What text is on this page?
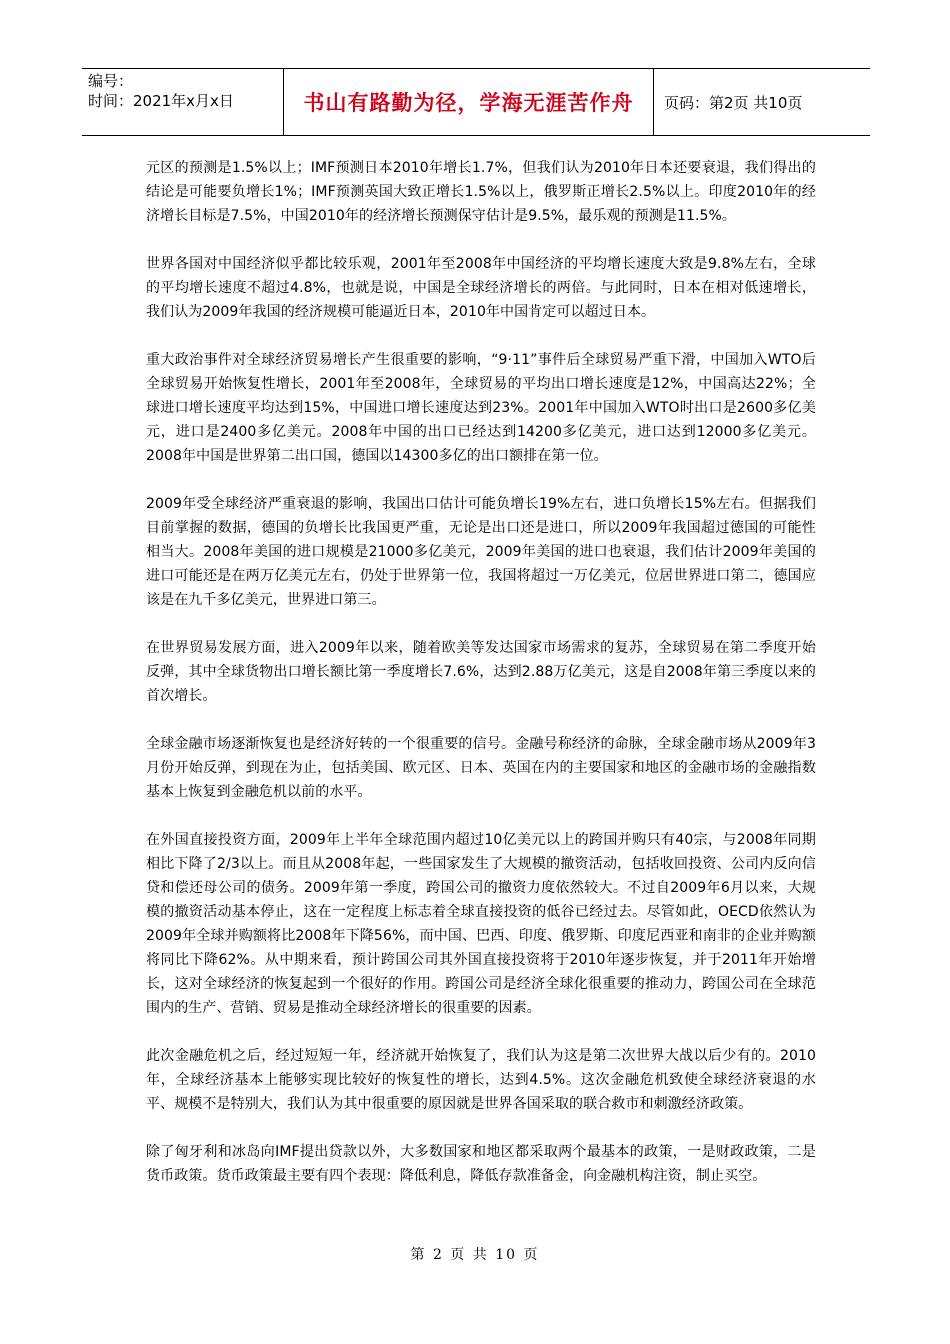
编号：
时间：2021年x月x日	书山有路勤为径，学海无涯苦作舟	页码：第2页 共10页

元区的预测是1.5%以上；IMF预测日本2010年增长1.7%，但我们认为2010年日本还要衰退，我们得出的结论是可能要负增长1%；IMF预测英国大致正增长1.5%以上，俄罗斯正增长2.5%以上。印度2010年的经济增长目标是7.5%，中国2010年的经济增长预测保守估计是9.5%，最乐观的预测是11.5%。

世界各国对中国经济似乎都比较乐观，2001年至2008年中国经济的平均增长速度大致是9.8%左右，全球的平均增长速度不超过4.8%，也就是说，中国是全球经济增长的两倍。与此同时，日本在相对低速增长，我们认为2009年我国的经济规模可能逼近日本，2010年中国肯定可以超过日本。

重大政治事件对全球经济贸易增长产生很重要的影响，“9·11”事件后全球贸易严重下滑，中国加入WTO后全球贸易开始恢复性增长，2001年至2008年，全球贸易的平均出口增长速度是12%，中国高达22%；全球进口增长速度平均达到15%，中国进口增长速度达到23%。2001年中国加入WTO时出口是2600多亿美元，进口是2400多亿美元。2008年中国的出口已经达到14200多亿美元，进口达到12000多亿美元。2008年中国是世界第二出口国，德国以14300多亿的出口额排在第一位。

2009年受全球经济严重衰退的影响，我国出口估计可能负增长19%左右，进口负增长15%左右。但据我们目前掌握的数据，德国的负增长比我国更严重，无论是出口还是进口，所以2009年我国超过德国的可能性相当大。2008年美国的进口规模是21000多亿美元，2009年美国的进口也衰退，我们估计2009年美国的进口可能还是在两万亿美元左右，仍处于世界第一位，我国将超过一万亿美元，位居世界进口第二，德国应该是在九千多亿美元，世界进口第三。

在世界贸易发展方面，进入2009年以来，随着欧美等发达国家市场需求的复苏，全球贸易在第二季度开始反弹，其中全球货物出口增长额比第一季度增长7.6%，达到2.88万亿美元，这是自2008年第三季度以来的首次增长。

全球金融市场逐渐恢复也是经济好转的一个很重要的信号。金融号称经济的命脉，全球金融市场从2009年3月份开始反弹，到现在为止，包括美国、欧元区、日本、英国在内的主要国家和地区的金融市场的金融指数基本上恢复到金融危机以前的水平。

在外国直接投资方面，2009年上半年全球范围内超过10亿美元以上的跨国并购只有40宗，与2008年同期相比下降了2/3以上。而且从2008年起，一些国家发生了大规模的撤资活动，包括收回投资、公司内反向信贷和偿还母公司的债务。2009年第一季度，跨国公司的撤资力度依然较大。不过自2009年6月以来，大规模的撤资活动基本停止，这在一定程度上标志着全球直接投资的低谷已经过去。尽管如此，OECD依然认为2009年全球并购额将比2008年下降56%，而中国、巴西、印度、俄罗斯、印度尼西亚和南非的企业并购额将同比下降62%。从中期来看，预计跨国公司其外国直接投资将于2010年逐步恢复，并于2011年开始增长，这对全球经济的恢复起到一个很好的作用。跨国公司是经济全球化很重要的推动力，跨国公司在全球范围内的生产、营销、贸易是推动全球经济增长的很重要的因素。

此次金融危机之后，经过短短一年，经济就开始恢复了，我们认为这是第二次世界大战以后少有的。2010年，全球经济基本上能够实现比较好的恢复性的增长，达到4.5%。这次金融危机致使全球经济衰退的水平、规模不是特别大，我们认为其中很重要的原因就是世界各国采取的联合救市和刺激经济政策。

除了匈牙利和冰岛向IMF提出贷款以外，大多数国家和地区都采取两个最基本的政策，一是财政政策，二是货币政策。货币政策最主要有四个表现：降低利息，降低存款准备金，向金融机构注资，制止买空。

第 2 页 共 10 页
